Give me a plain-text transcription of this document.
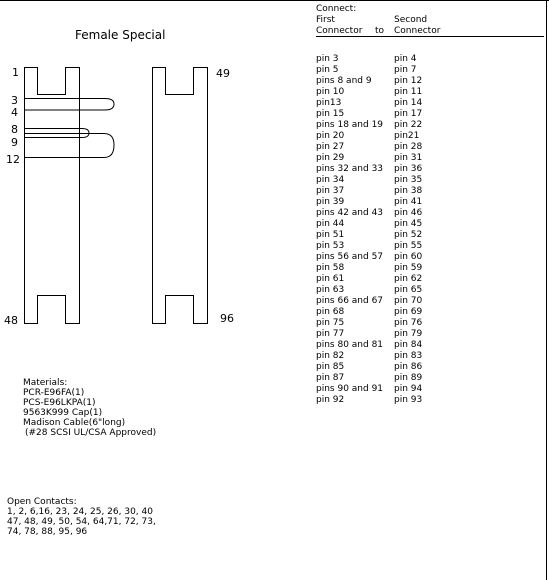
Female Special
1	49
3
4
8
9
12
48	96
Connect:
First
Connector to
Second
Connector
pin 3	pin 4
pin 5	pin 7
pins 8 and 9 pin 12
pin 10	pin 11
pin13	pin 14
pin 15	pin 17
pins 18 and 19 pin 22
pin 20	pin21
pin 27	pin 28
pin 29	pin 31
pins 32 and 33 pin 36
pin 34	pin 35
pin 37	pin 38
pin 39	pin 41
pins 42 and 43 pin 46
pin 44	pin 45
pin 51	pin 52
pin 53	pin 55
pins 56 and 57 pin 60
pin 58	pin 59
pin 61	pin 62
pin 63	pin 65
pins 66 and 67 pin 70
pin 68	pin 69
pin 75	pin 76
pin 77	pin 79
pins 80 and 81 pin 84
pin 82	pin 83
pin 85	pin 86
pin 87	pin 89
pins 90 and 91 pin 94
pin 92	pin 93
Materials:
PCR-E96FA(1)
PCS-E96LKPA(1)
9563K999 Cap(1)
Madison Cable(6"long)
(#28 SCSI UL/CSA Approved)
Open Contacts:
1, 2, 6,16, 23, 24, 25, 26, 30, 40
47, 48, 49, 50, 54, 64,71, 72, 73,
74, 78, 88, 95, 96
